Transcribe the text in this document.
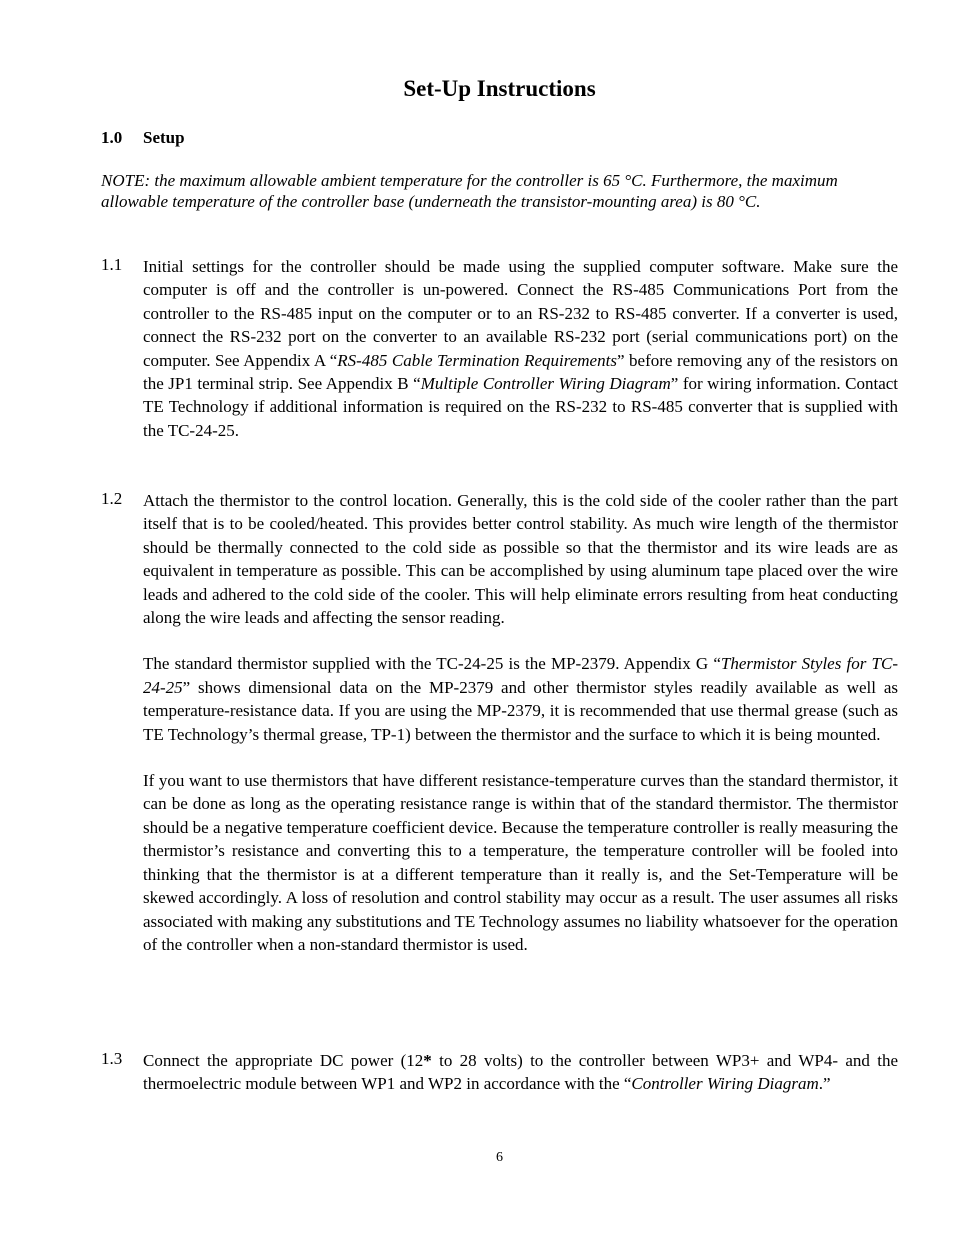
Set-Up Instructions
1.0 Setup
NOTE: the maximum allowable ambient temperature for the controller is 65 °C. Furthermore, the maximum allowable temperature of the controller base (underneath the transistor-mounting area) is 80 °C.
1.1 Initial settings for the controller should be made using the supplied computer software. Make sure the computer is off and the controller is un-powered. Connect the RS-485 Communications Port from the controller to the RS-485 input on the computer or to an RS-232 to RS-485 converter. If a converter is used, connect the RS-232 port on the converter to an available RS-232 port (serial communications port) on the computer. See Appendix A “RS-485 Cable Termination Requirements” before removing any of the resistors on the JP1 terminal strip. See Appendix B “Multiple Controller Wiring Diagram” for wiring information. Contact TE Technology if additional information is required on the RS-232 to RS-485 converter that is supplied with the TC-24-25.
1.2 Attach the thermistor to the control location. Generally, this is the cold side of the cooler rather than the part itself that is to be cooled/heated. This provides better control stability. As much wire length of the thermistor should be thermally connected to the cold side as possible so that the thermistor and its wire leads are as equivalent in temperature as possible. This can be accomplished by using aluminum tape placed over the wire leads and adhered to the cold side of the cooler. This will help eliminate errors resulting from heat conducting along the wire leads and affecting the sensor reading.
The standard thermistor supplied with the TC-24-25 is the MP-2379. Appendix G “Thermistor Styles for TC-24-25” shows dimensional data on the MP-2379 and other thermistor styles readily available as well as temperature-resistance data. If you are using the MP-2379, it is recommended that use thermal grease (such as TE Technology’s thermal grease, TP-1) between the thermistor and the surface to which it is being mounted.
If you want to use thermistors that have different resistance-temperature curves than the standard thermistor, it can be done as long as the operating resistance range is within that of the standard thermistor. The thermistor should be a negative temperature coefficient device. Because the temperature controller is really measuring the thermistor’s resistance and converting this to a temperature, the temperature controller will be fooled into thinking that the thermistor is at a different temperature than it really is, and the Set-Temperature will be skewed accordingly. A loss of resolution and control stability may occur as a result. The user assumes all risks associated with making any substitutions and TE Technology assumes no liability whatsoever for the operation of the controller when a non-standard thermistor is used.
1.3 Connect the appropriate DC power (12* to 28 volts) to the controller between WP3+ and WP4- and the thermoelectric module between WP1 and WP2 in accordance with the “Controller Wiring Diagram.”
6
